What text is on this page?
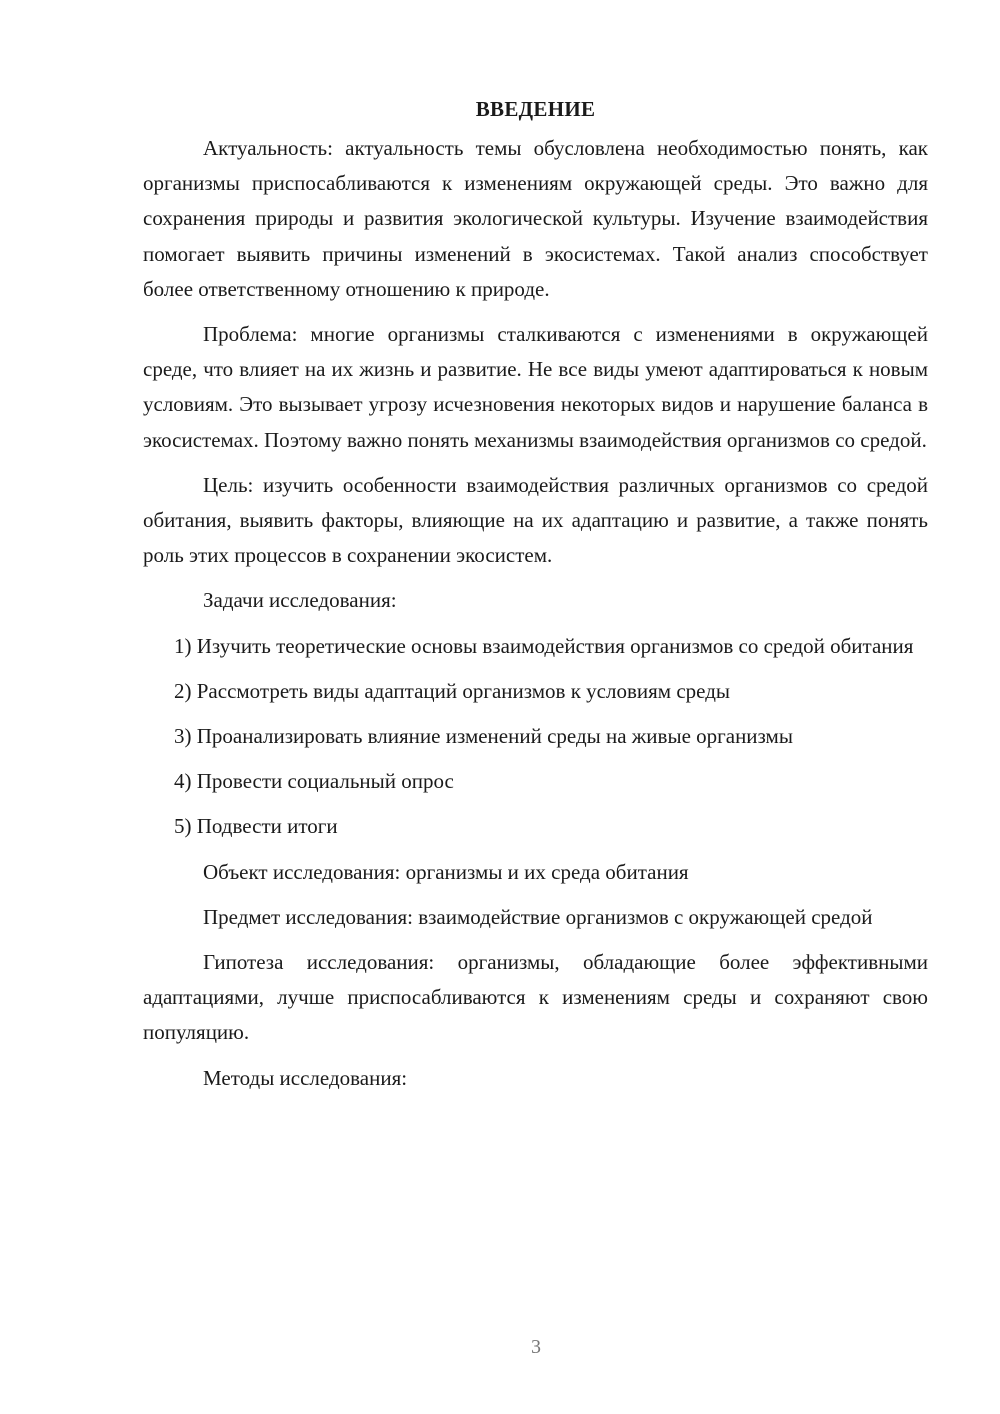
ВВЕДЕНИЕ

Актуальность: актуальность темы обусловлена необходимостью понять, как организмы приспосабливаются к изменениям окружающей среды. Это важно для сохранения природы и развития экологической культуры. Изучение взаимодействия помогает выявить причины изменений в экосистемах. Такой анализ способствует более ответственному отношению к природе.

Проблема: многие организмы сталкиваются с изменениями в окружающей среде, что влияет на их жизнь и развитие. Не все виды умеют адаптироваться к новым условиям. Это вызывает угрозу исчезновения некоторых видов и нарушение баланса в экосистемах. Поэтому важно понять механизмы взаимодействия организмов со средой.

Цель: изучить особенности взаимодействия различных организмов со средой обитания, выявить факторы, влияющие на их адаптацию и развитие, а также понять роль этих процессов в сохранении экосистем.

Задачи исследования:

1) Изучить теоретические основы взаимодействия организмов со средой обитания

2) Рассмотреть виды адаптаций организмов к условиям среды

3) Проанализировать влияние изменений среды на живые организмы

4) Провести социальный опрос

5) Подвести итоги

Объект исследования: организмы и их среда обитания

Предмет исследования: взаимодействие организмов с окружающей средой

Гипотеза исследования: организмы, обладающие более эффективными адаптациями, лучше приспосабливаются к изменениям среды и сохраняют свою популяцию.

Методы исследования:

3
